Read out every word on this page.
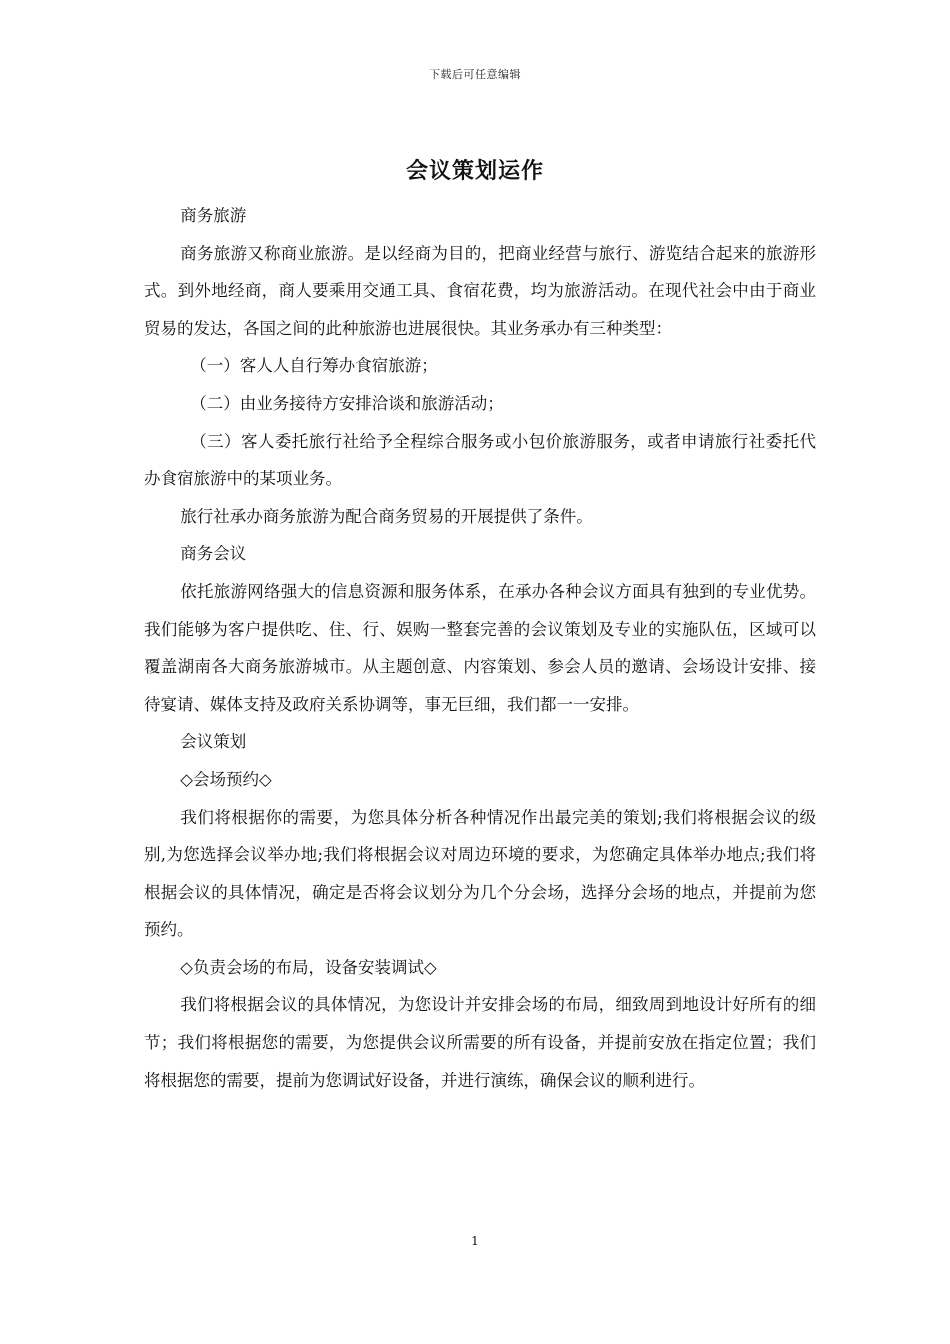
下载后可任意编辑
会议策划运作

商务旅游

商务旅游又称商业旅游。是以经商为目的，把商业经营与旅行、游览结合起来的旅游形式。到外地经商，商人要乘用交通工具、食宿花费，均为旅游活动。在现代社会中由于商业贸易的发达，各国之间的此种旅游也进展很快。其业务承办有三种类型：

（一）客人人自行筹办食宿旅游；

（二）由业务接待方安排洽谈和旅游活动；

（三）客人委托旅行社给予全程综合服务或小包价旅游服务，或者申请旅行社委托代办食宿旅游中的某项业务。

旅行社承办商务旅游为配合商务贸易的开展提供了条件。

商务会议

依托旅游网络强大的信息资源和服务体系，在承办各种会议方面具有独到的专业优势。我们能够为客户提供吃、住、行、娱购一整套完善的会议策划及专业的实施队伍，区域可以覆盖湖南各大商务旅游城市。从主题创意、内容策划、参会人员的邀请、会场设计安排、接待宴请、媒体支持及政府关系协调等，事无巨细，我们都一一安排。

会议策划

◇会场预约◇

我们将根据你的需要，为您具体分析各种情况作出最完美的策划;我们将根据会议的级别,为您选择会议举办地;我们将根据会议对周边环境的要求，为您确定具体举办地点;我们将根据会议的具体情况，确定是否将会议划分为几个分会场，选择分会场的地点，并提前为您预约。

◇负责会场的布局，设备安装调试◇

我们将根据会议的具体情况，为您设计并安排会场的布局，细致周到地设计好所有的细节；我们将根据您的需要，为您提供会议所需要的所有设备，并提前安放在指定位置；我们将根据您的需要，提前为您调试好设备，并进行演练，确保会议的顺利进行。

1
